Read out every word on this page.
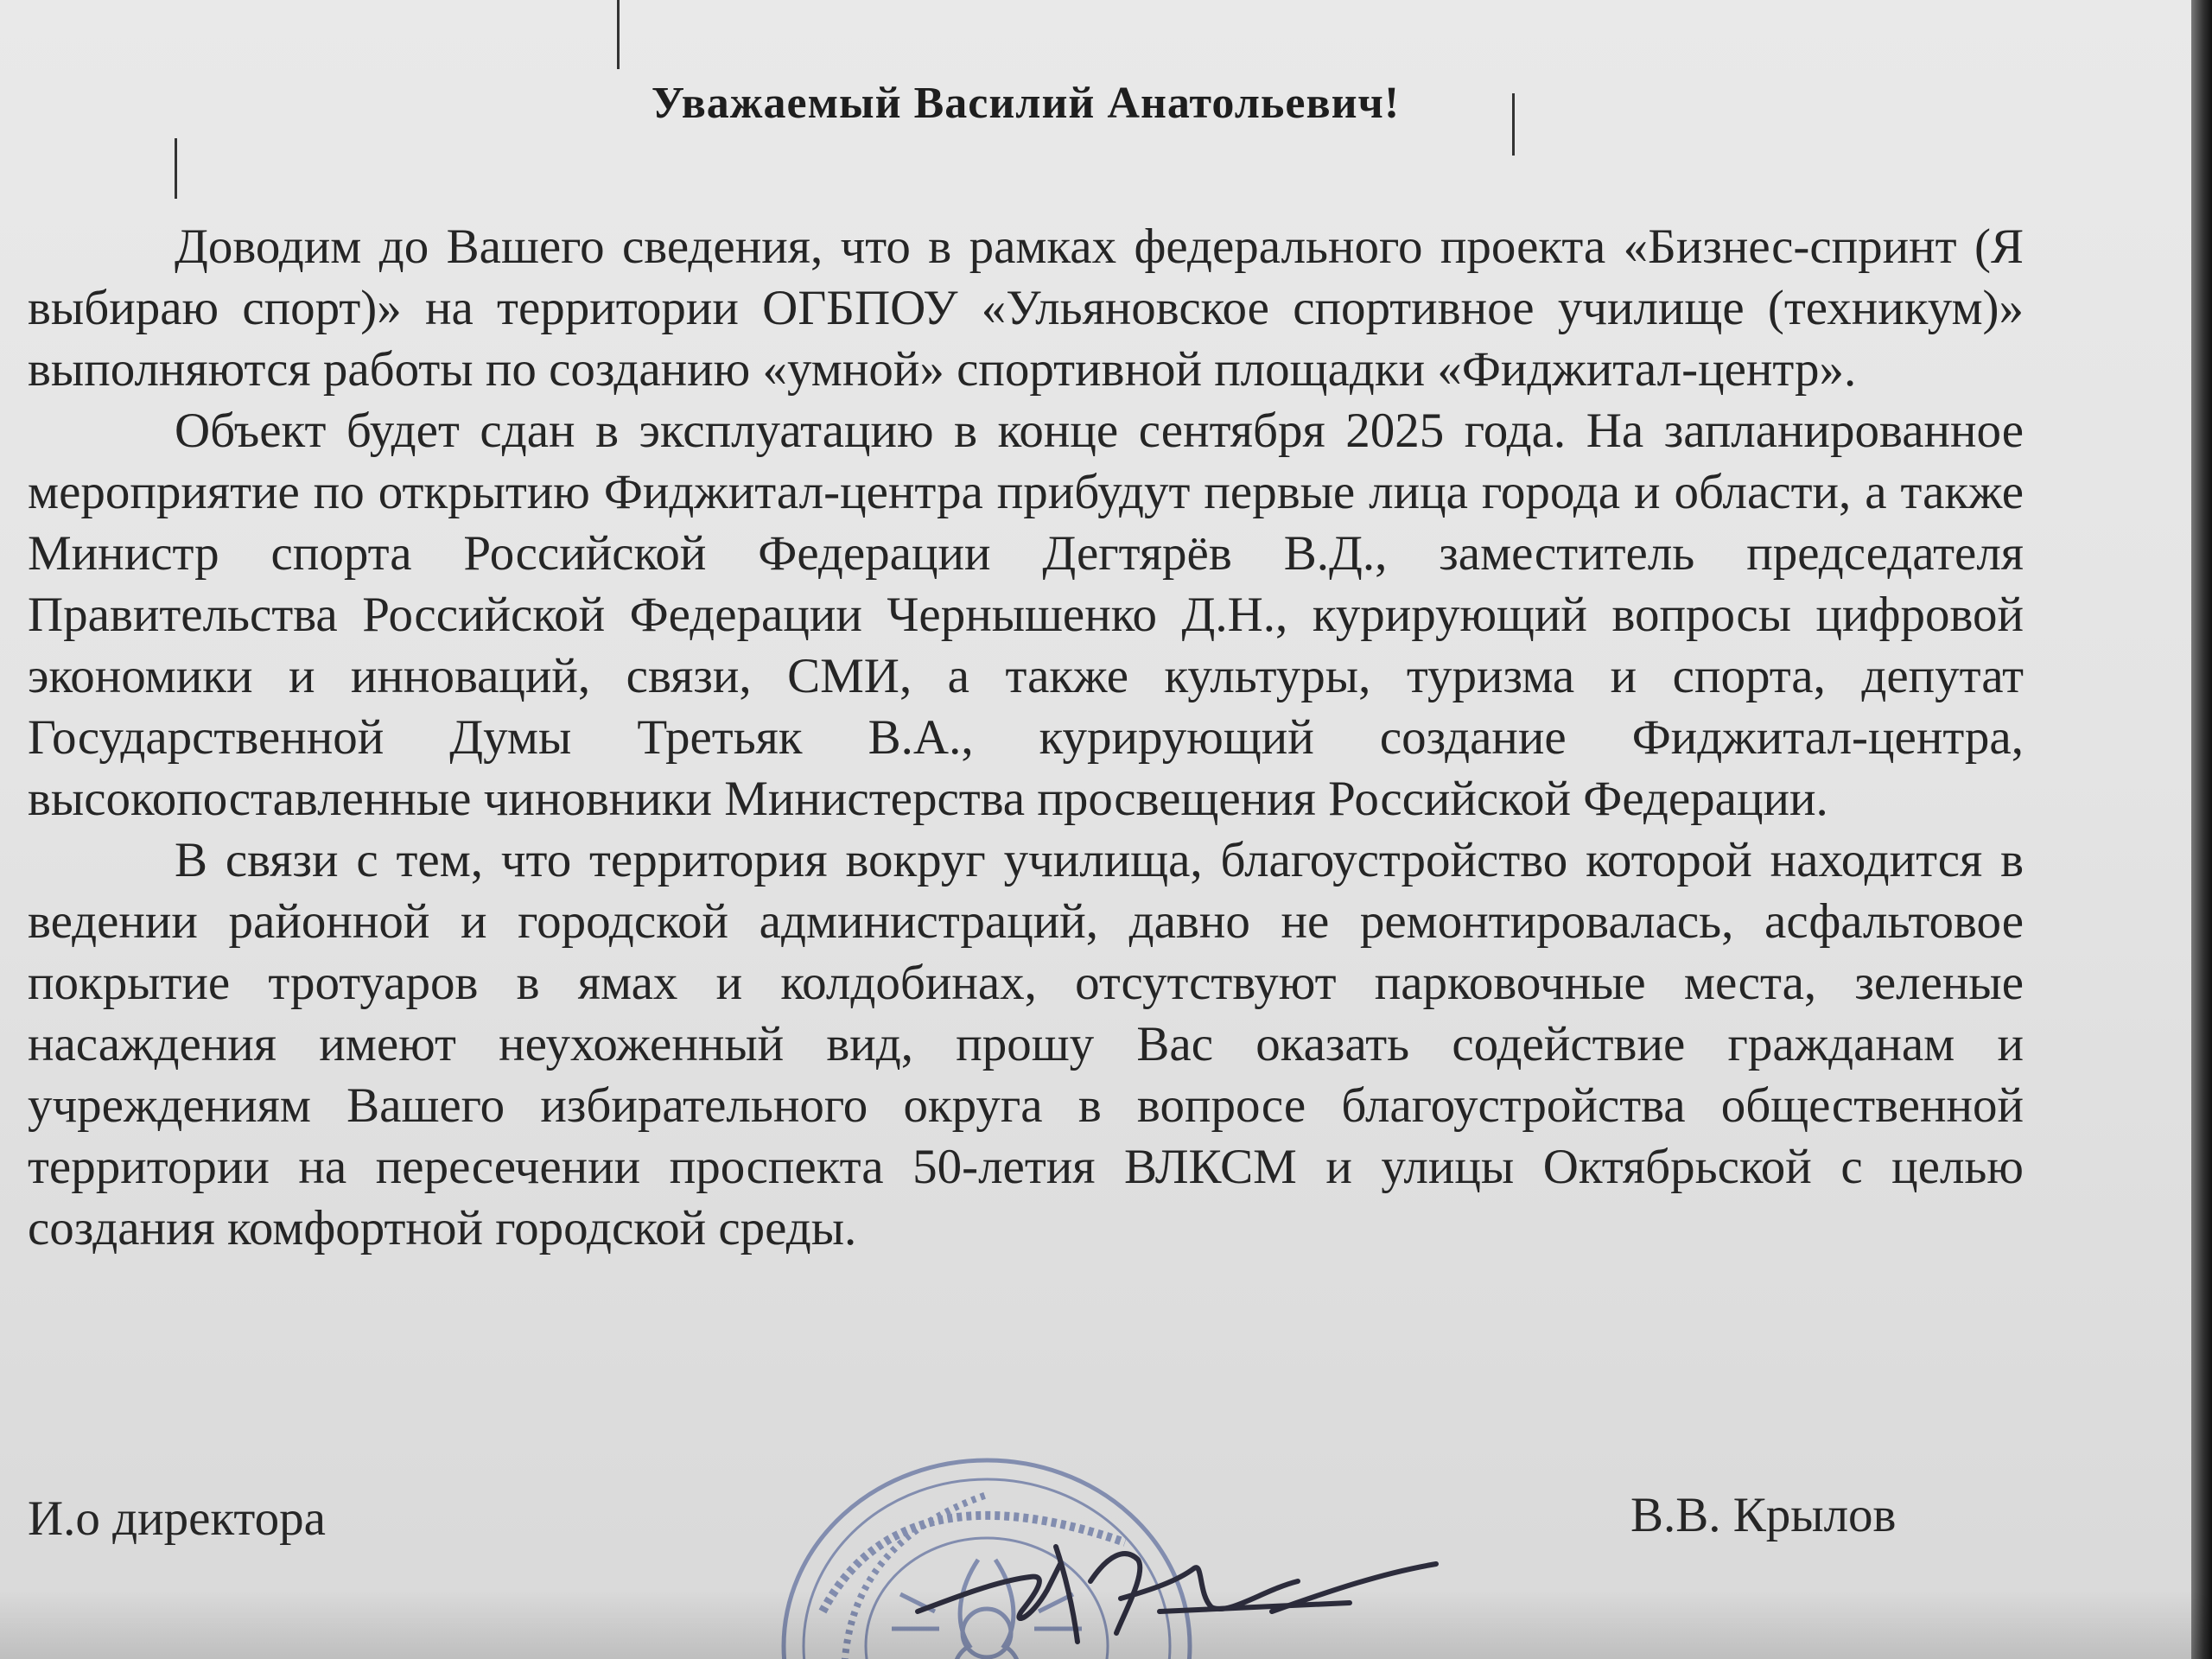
Уважаемый Василий Анатольевич!

Доводим до Вашего сведения, что в рамках федерального проекта «Бизнес-спринт (Я выбираю спорт)» на территории ОГБПОУ «Ульяновское спортивное училище (техникум)» выполняются работы по созданию «умной» спортивной площадки «Фиджитал-центр».

Объект будет сдан в эксплуатацию в конце сентября 2025 года. На запланированное мероприятие по открытию Фиджитал-центра прибудут первые лица города и области, а также Министр спорта Российской Федерации Дегтярёв В.Д., заместитель председателя Правительства Российской Федерации Чернышенко Д.Н., курирующий вопросы цифровой экономики и инноваций, связи, СМИ, а также культуры, туризма и спорта, депутат Государственной Думы Третьяк В.А., курирующий создание Фиджитал-центра, высокопоставленные чиновники Министерства просвещения Российской Федерации.

В связи с тем, что территория вокруг училища, благоустройство которой находится в ведении районной и городской администраций, давно не ремонтировалась, асфальтовое покрытие тротуаров в ямах и колдобинах, отсутствуют парковочные места, зеленые насаждения имеют неухоженный вид, прошу Вас оказать содействие гражданам и учреждениям Вашего избирательного округа в вопросе благоустройства общественной территории на пересечении проспекта 50-летия ВЛКСМ и улицы Октябрьской с целью создания комфортной городской среды.

И.о директора	В.В. Крылов
